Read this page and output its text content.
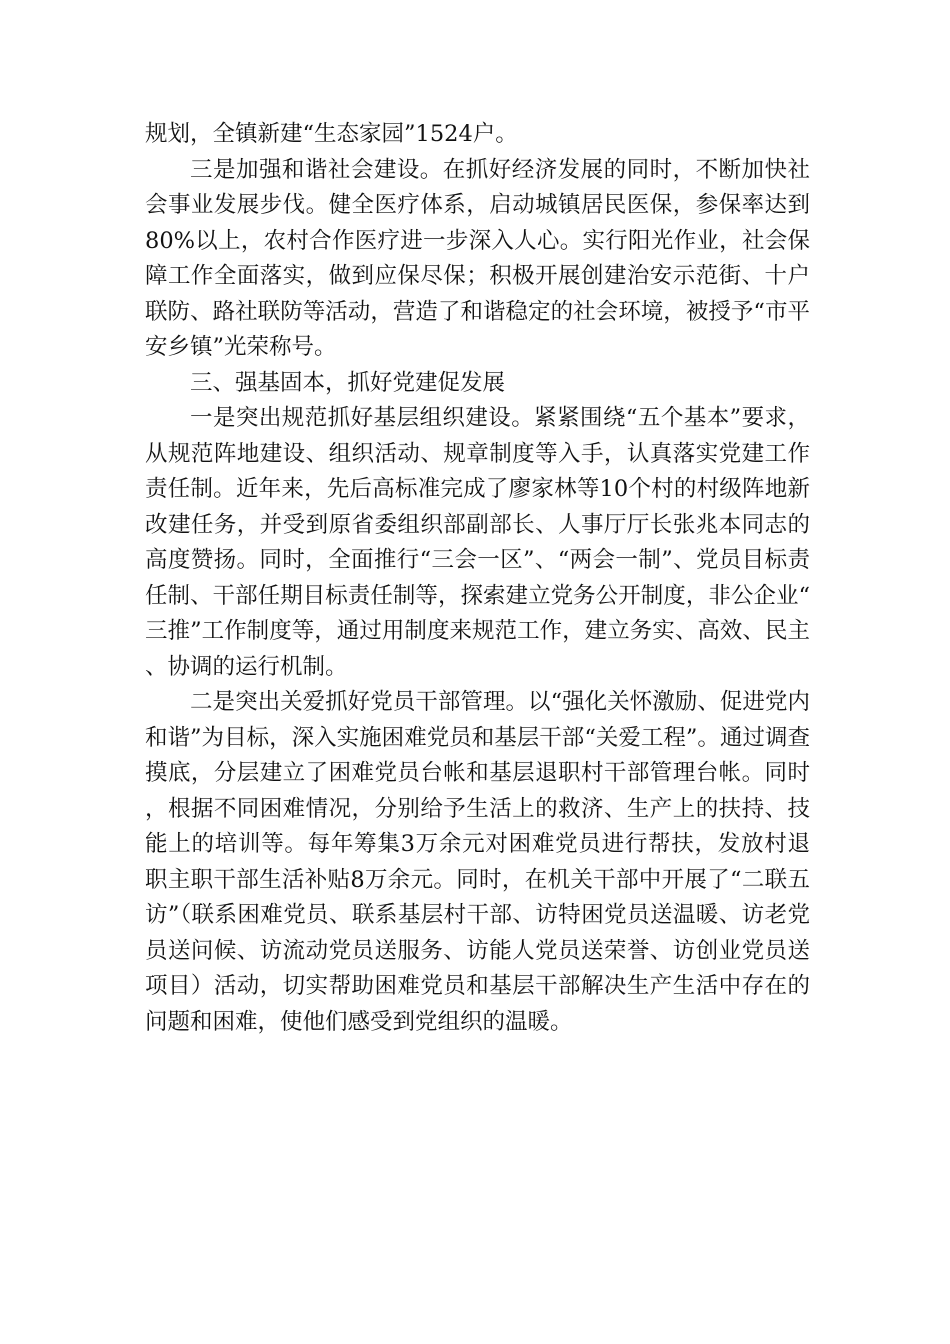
规划，全镇新建“生态家园”1524户。

三是加强和谐社会建设。在抓好经济发展的同时，不断加快社会事业发展步伐。健全医疗体系，启动城镇居民医保，参保率达到80%以上，农村合作医疗进一步深入人心。实行阳光作业，社会保障工作全面落实，做到应保尽保；积极开展创建治安示范街、十户联防、路社联防等活动，营造了和谐稳定的社会环境，被授予“市平安乡镇”光荣称号。

三、强基固本，抓好党建促发展

一是突出规范抓好基层组织建设。紧紧围绕“五个基本”要求，从规范阵地建设、组织活动、规章制度等入手，认真落实党建工作责任制。近年来，先后高标准完成了廖家林等10个村的村级阵地新改建任务，并受到原省委组织部副部长、人事厅厅长张兆本同志的高度赞扬。同时，全面推行“三会一区”、“两会一制”、党员目标责任制、干部任期目标责任制等，探索建立党务公开制度，非公企业“三推”工作制度等，通过用制度来规范工作，建立务实、高效、民主、协调的运行机制。

二是突出关爱抓好党员干部管理。以“强化关怀激励、促进党内和谐”为目标，深入实施困难党员和基层干部“关爱工程”。通过调查摸底，分层建立了困难党员台帐和基层退职村干部管理台帐。同时，根据不同困难情况，分别给予生活上的救济、生产上的扶持、技能上的培训等。每年筹集3万余元对困难党员进行帮扶，发放村退职主职干部生活补贴8万余元。同时，在机关干部中开展了“二联五访”（联系困难党员、联系基层村干部、访特困党员送温暖、访老党员送问候、访流动党员送服务、访能人党员送荣誉、访创业党员送项目）活动，切实帮助困难党员和基层干部解决生产生活中存在的问题和困难，使他们感受到党组织的温暖。
